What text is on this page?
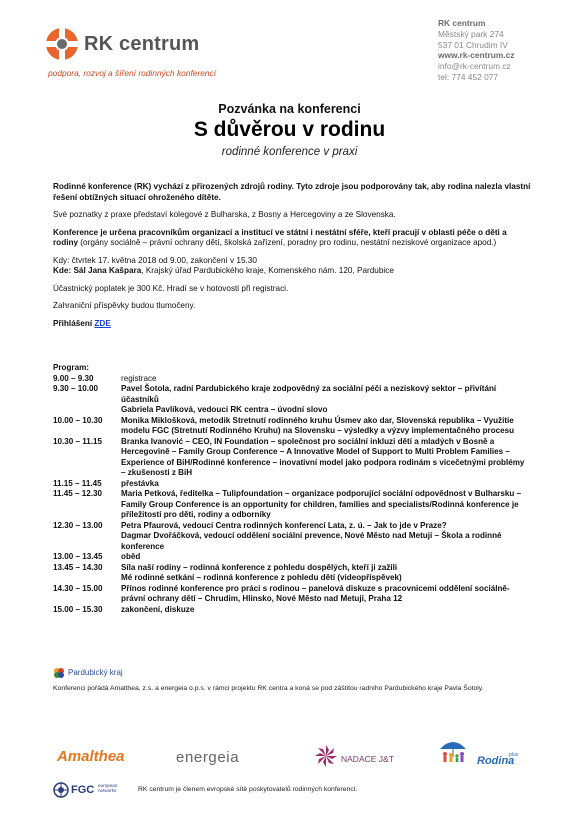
RK centrum
podpora, rozvoj a šíření rodinných konferencí
RK centrum
Městský park 274
537 01 Chrudim IV
www.rk-centrum.cz
info@rk-centrum.cz
tel: 774 452 077
Pozvánka na konferenci
S důvěrou v rodinu
rodinné konference v praxi

Rodinné konference (RK) vychází z přirozených zdrojů rodiny. Tyto zdroje jsou podporovány tak, aby rodina nalezla vlastní řešení obtížných situací ohroženého dítěte.

Své poznatky z praxe představí kolegové z Bulharska, z Bosny a Hercegoviny a ze Slovenska.

Konference je určena pracovníkům organizací a institucí ve státní i nestátní sféře, kteří pracují v oblasti péče o děti a rodiny (orgány sociálně – právní ochrany dětí, školská zařízení, poradny pro rodinu, nestátní neziskové organizace apod.)

Kdy: čtvrtek 17. května 2018 od 9.00, zakončení v 15.30

Kde: Sál Jana Kašpara, Krajský úřad Pardubického kraje, Komenského nám. 120, Pardubice

Účastnický poplatek je 300 Kč. Hradí se v hotovosti při registraci.

Zahraniční příspěvky budou tlumočeny.

Přihlášení ZDE

Program:
9.00 – 9.30	registrace
9.30 – 10.00	Pavel Šotola, radní Pardubického kraje zodpovědný za sociální péči a neziskový sektor – přivítání účastníků
Gabriela Pavlíková, vedoucí RK centra – úvodní slovo
10.00 – 10.30	Monika Miklošková, metodik Stretnutí rodinného kruhu Úsmev ako dar, Slovenská republika – Využitie modelu FGC (Stretnutí Rodinného Kruhu) na Slovensku – výsledky a výzvy implementačného procesu
10.30 – 11.15	Branka Ivanović – CEO, IN Foundation – společnost pro sociální inkluzi dětí a mladých v Bosně a Hercegovině – Family Group Conference – A Innovative Model of Support to Multi Problem Families – Experience of BiH/Rodinné konference – inovativní model jako podpora rodinám s vícečetnými problémy – zkušenosti z BiH
11.15 – 11.45	přestávka
11.45 – 12.30	Maria Petková, ředitelka – Tulipfoundation – organizace podporující sociální odpovědnost v Bulharsku – Family Group Conference is an opportunity for children, families and specialists/Rodinná konference je příležitostí pro děti, rodiny a odborníky
12.30 – 13.00	Petra Pfaurová, vedoucí Centra rodinných konferencí Lata, z. ú. – Jak to jde v Praze?
Dagmar Dvořáčková, vedoucí oddělení sociální prevence, Nové Město nad Metují – Škola a rodinné konference
13.00 – 13.45	oběd
13.45 – 14.30	Síla naší rodiny – rodinná konference z pohledu dospělých, kteří ji zažili
Mé rodinné setkání – rodinná konference z pohledu dětí (videopříspěvek)
14.30 – 15.00	Přínos rodinné konference pro práci s rodinou – panelová diskuze s pracovnicemi oddělení sociálně-právní ochrany dětí – Chrudim, Hlinsko, Nové Město nad Metují, Praha 12
15.00 – 15.30	zakončení, diskuze
Pardubický kraj
Konferenci pořádá Amalthea, z.s. a energeia o.p.s. v rámci projektu RK centra a koná se pod záštitou radního Pardubického kraje Pavla Šotoly.
Amalthea	energeia	NADACE J&T	Rodina
plus
FGC european networks	RK centrum je členem evropské sítě poskytovatelů rodinných konferencí.
